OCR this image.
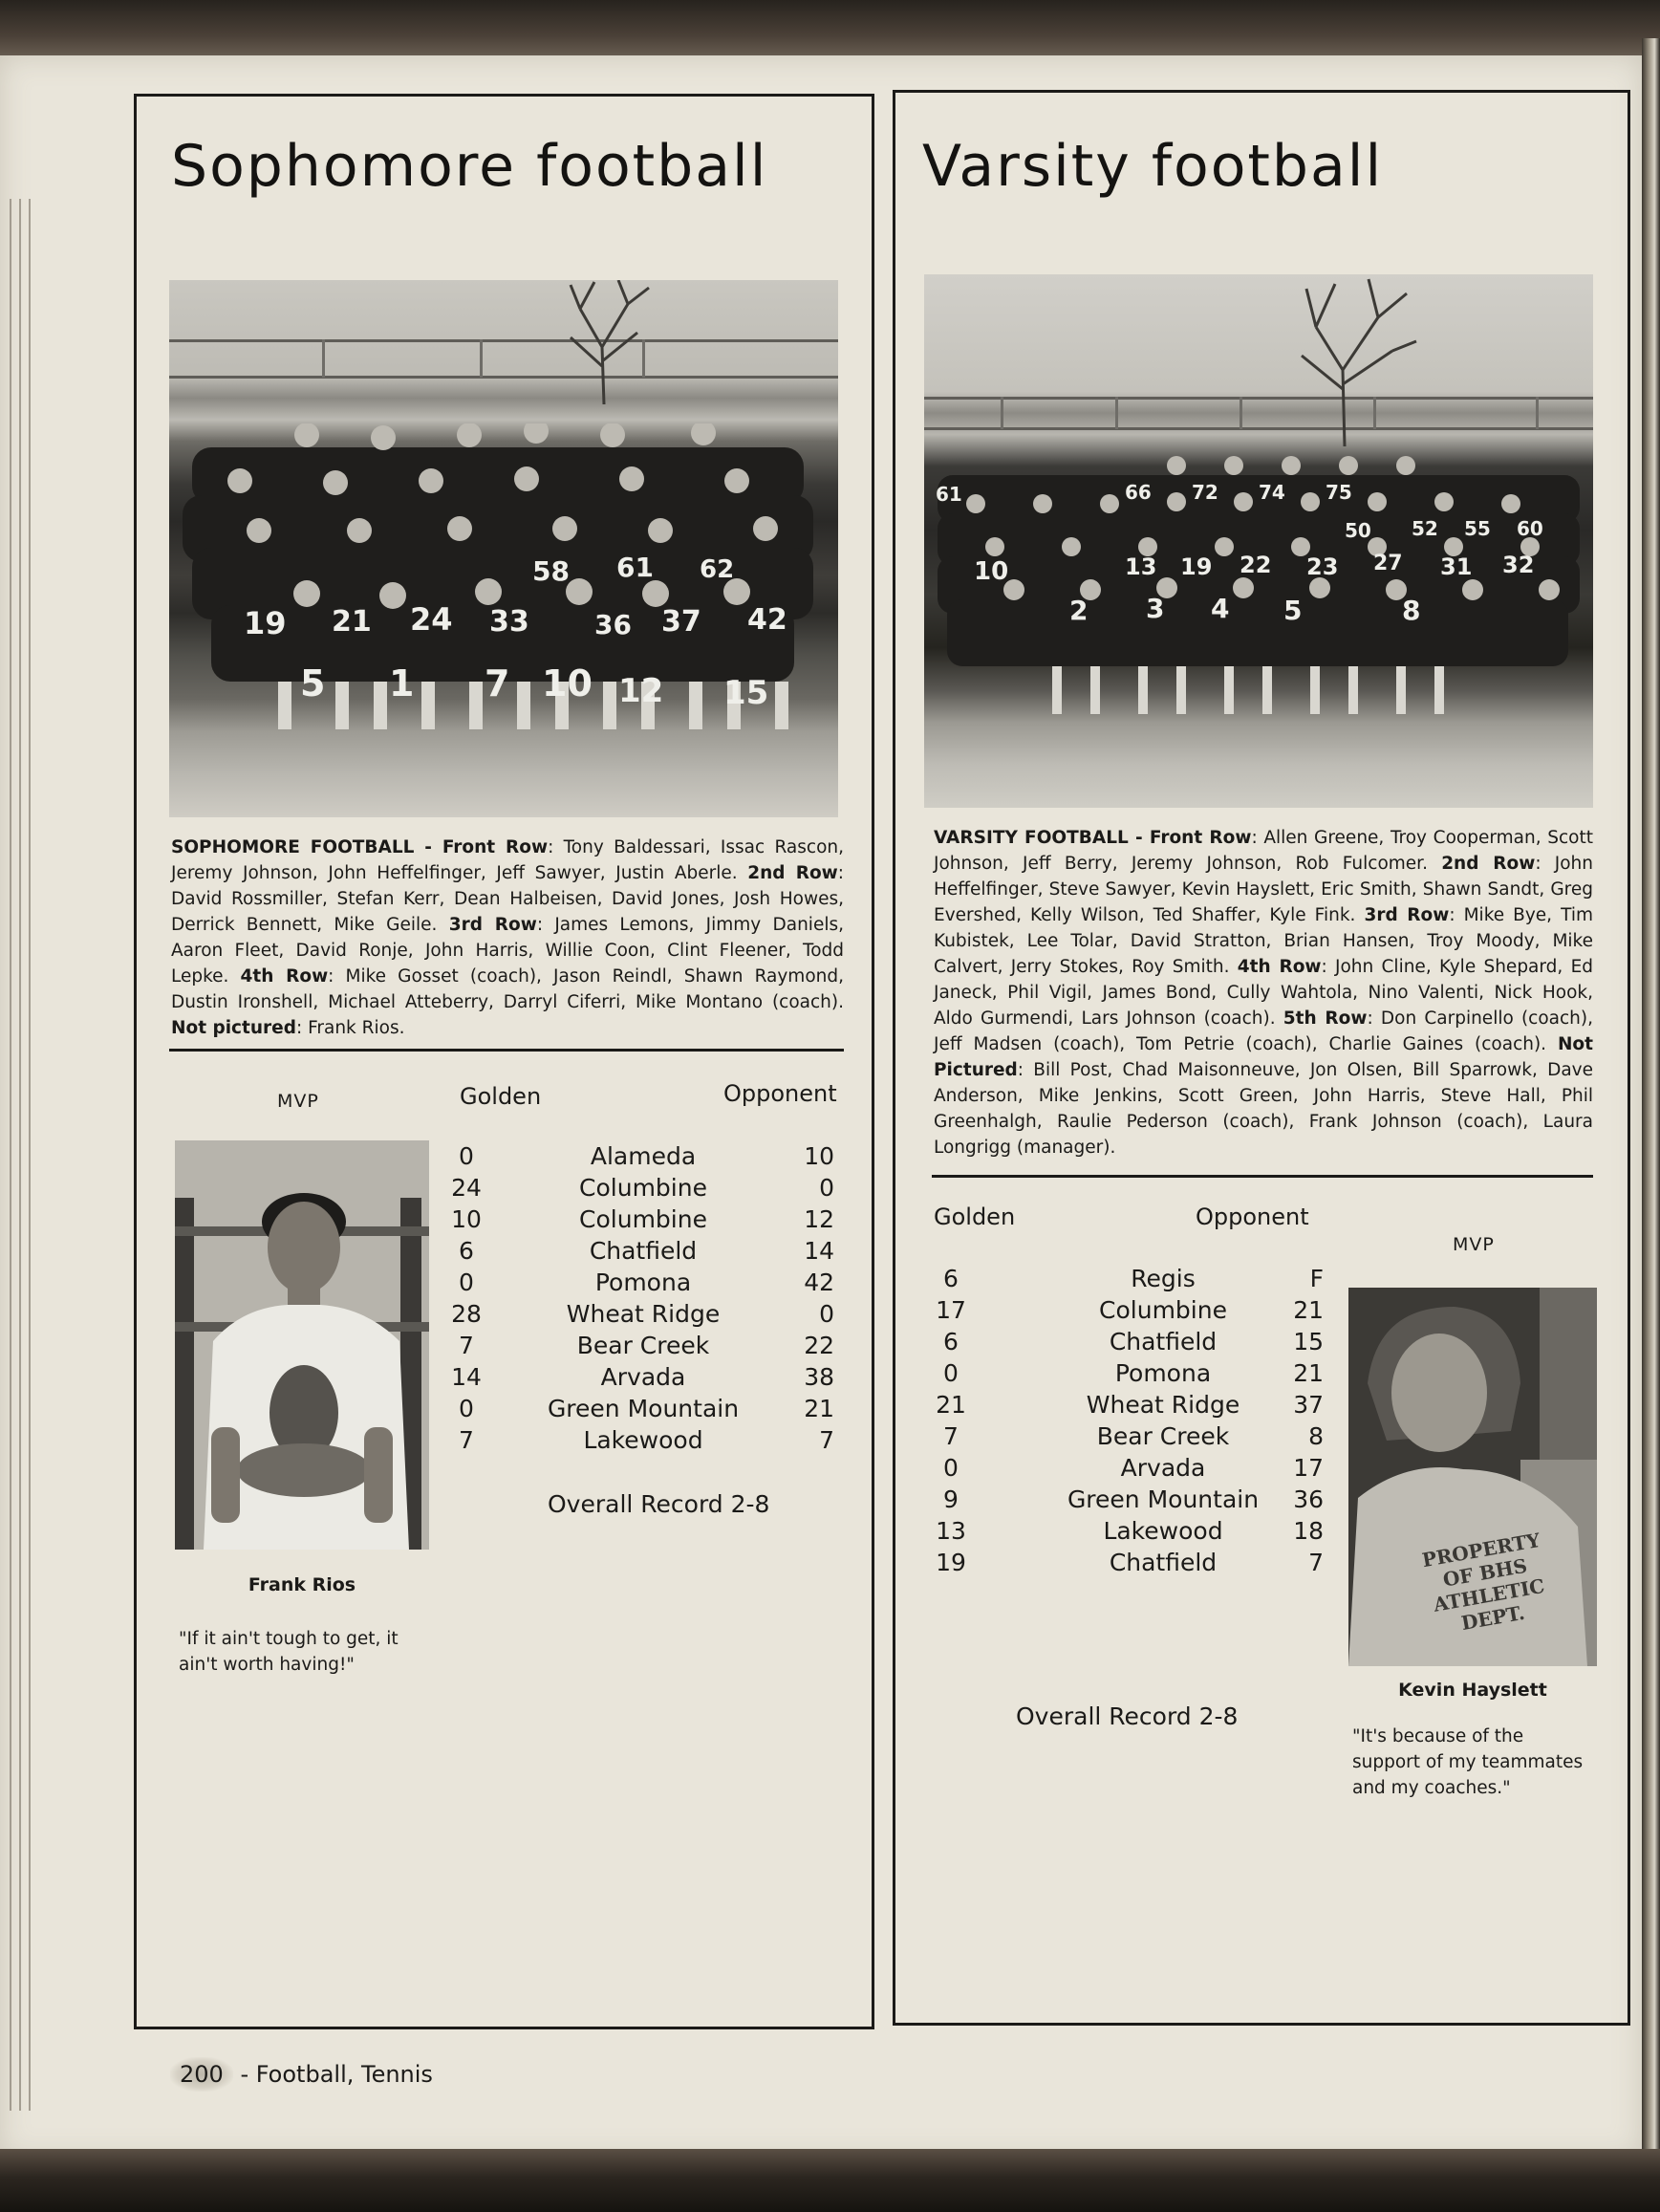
Sophomore football
5 1 7 10 12 15
19 21 24 33 36 37 42
58 61 62
SOPHOMORE FOOTBALL - Front Row: Tony Baldessari, Issac Rascon, Jeremy Johnson, John Heffelfinger, Jeff Sawyer, Justin Aberle. 2nd Row: David Rossmiller, Stefan Kerr, Dean Halbeisen, David Jones, Josh Howes, Derrick Bennett, Mike Geile. 3rd Row: James Lemons, Jimmy Daniels, Aaron Fleet, David Ronje, John Harris, Willie Coon, Clint Fleener, Todd Lepke. 4th Row: Mike Gosset (coach), Jason Reindl, Shawn Raymond, Dustin Ironshell, Michael Atteberry, Darryl Ciferri, Mike Montano (coach). Not pictured: Frank Rios.
MVP	Golden	Opponent
Frank Rios
"If it ain't tough to get, it ain't worth having!"
0	Alameda	10
24	Columbine	0
10	Columbine	12
6	Chatfield	14
0	Pomona	42
28	Wheat Ridge	0
7	Bear Creek	22
14	Arvada	38
0	Green Mountain	21
7	Lakewood	7
Overall Record 2-8
Varsity football
2 3 4 5	8
10	13 19 22 23 27 31 32
50 52 55 60
61	66 72 74 75
VARSITY FOOTBALL - Front Row: Allen Greene, Troy Cooperman, Scott Johnson, Jeff Berry, Jeremy Johnson, Rob Fulcomer. 2nd Row: John Heffelfinger, Steve Sawyer, Kevin Hayslett, Eric Smith, Shawn Sandt, Greg Evershed, Kelly Wilson, Ted Shaffer, Kyle Fink. 3rd Row: Mike Bye, Tim Kubistek, Lee Tolar, David Stratton, Brian Hansen, Troy Moody, Mike Calvert, Jerry Stokes, Roy Smith. 4th Row: John Cline, Kyle Shepard, Ed Janeck, Phil Vigil, James Bond, Cully Wahtola, Nino Valenti, Nick Hook, Aldo Gurmendi, Lars Johnson (coach). 5th Row: Don Carpinello (coach), Jeff Madsen (coach), Tom Petrie (coach), Charlie Gaines (coach). Not Pictured: Bill Post, Chad Maisonneuve, Jon Olsen, Bill Sparrowk, Dave Anderson, Mike Jenkins, Scott Green, John Harris, Steve Hall, Phil Greenhalgh, Raulie Pederson (coach), Frank Johnson (coach), Laura Longrigg (manager).
Golden	Opponent
MVP
6	Regis	F
17	Columbine	21
6	Chatfield	15
0	Pomona	21
21	Wheat Ridge	37
7	Bear Creek	8
0	Arvada	17
9	Green Mountain	36
13	Lakewood	18
19	Chatfield	7
Overall Record 2-8
PROPERTY OF BHS ATHLETIC DEPT.
Kevin Hayslett
"It's because of the support of my teammates and my coaches."
200 - Football, Tennis
